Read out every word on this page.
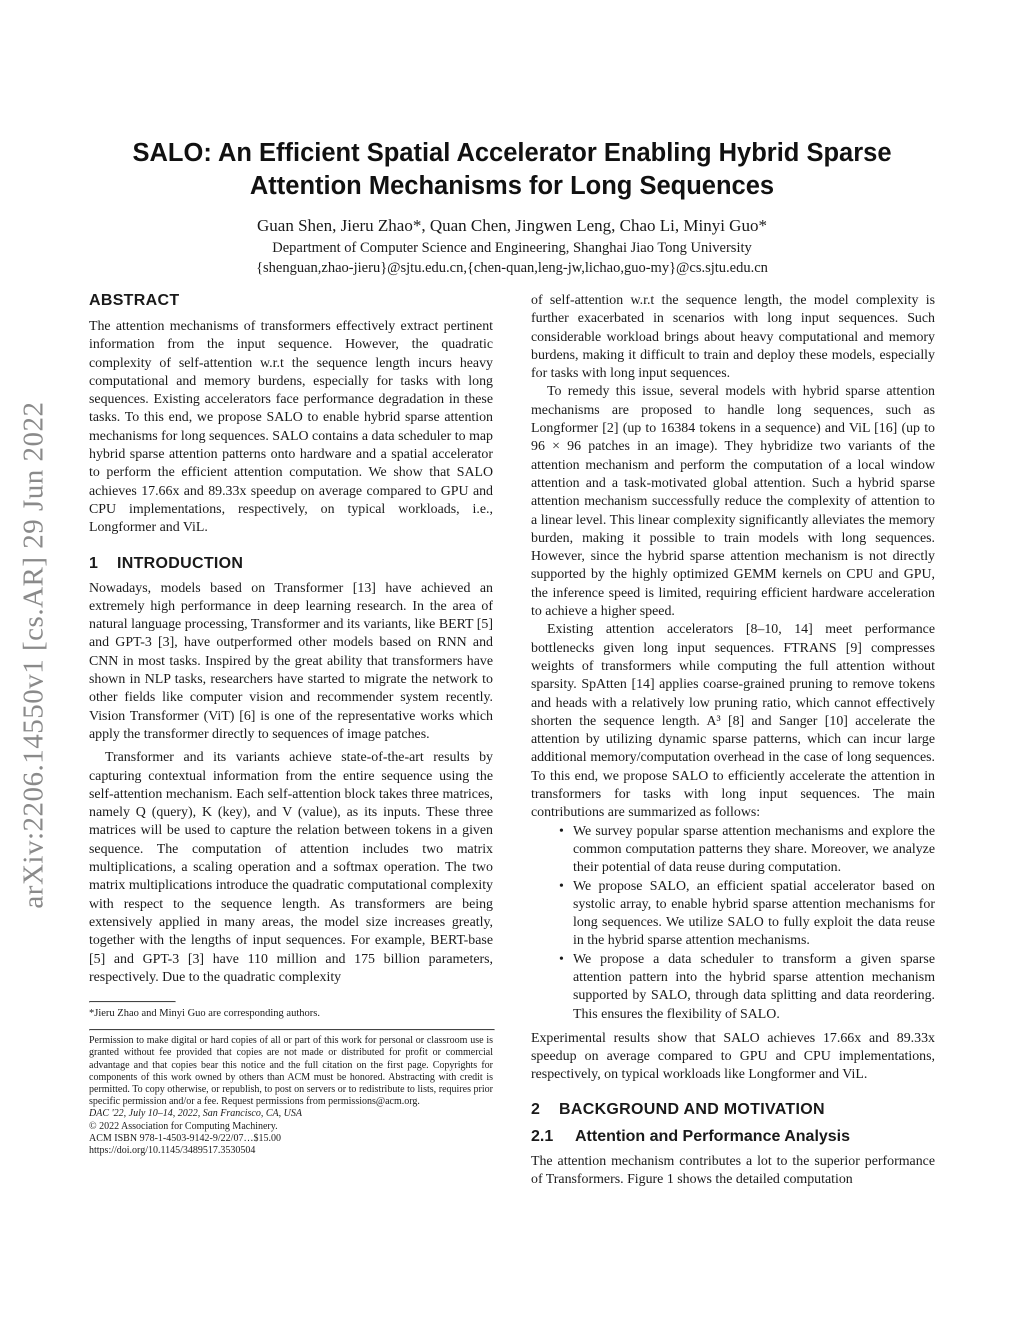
arXiv:2206.14550v1 [cs.AR] 29 Jun 2022
SALO: An Efficient Spatial Accelerator Enabling Hybrid Sparse Attention Mechanisms for Long Sequences
Guan Shen, Jieru Zhao*, Quan Chen, Jingwen Leng, Chao Li, Minyi Guo*
Department of Computer Science and Engineering, Shanghai Jiao Tong University
{shenguan,zhao-jieru}@sjtu.edu.cn,{chen-quan,leng-jw,lichao,guo-my}@cs.sjtu.edu.cn
ABSTRACT

The attention mechanisms of transformers effectively extract pertinent information from the input sequence. However, the quadratic complexity of self-attention w.r.t the sequence length incurs heavy computational and memory burdens, especially for tasks with long sequences. Existing accelerators face performance degradation in these tasks. To this end, we propose SALO to enable hybrid sparse attention mechanisms for long sequences. SALO contains a data scheduler to map hybrid sparse attention patterns onto hardware and a spatial accelerator to perform the efficient attention computation. We show that SALO achieves 17.66x and 89.33x speedup on average compared to GPU and CPU implementations, respectively, on typical workloads, i.e., Longformer and ViL.

1 INTRODUCTION

Nowadays, models based on Transformer [13] have achieved an extremely high performance in deep learning research. In the area of natural language processing, Transformer and its variants, like BERT [5] and GPT-3 [3], have outperformed other models based on RNN and CNN in most tasks. Inspired by the great ability that transformers have shown in NLP tasks, researchers have started to migrate the network to other fields like computer vision and recommender system recently. Vision Transformer (ViT) [6] is one of the representative works which apply the transformer directly to sequences of image patches.

Transformer and its variants achieve state-of-the-art results by capturing contextual information from the entire sequence using the self-attention mechanism. Each self-attention block takes three matrices, namely Q (query), K (key), and V (value), as its inputs. These three matrices will be used to capture the relation between tokens in a given sequence. The computation of attention includes two matrix multiplications, a scaling operation and a softmax operation. The two matrix multiplications introduce the quadratic computational complexity with respect to the sequence length. As transformers are being extensively applied in many areas, the model size increases greatly, together with the lengths of input sequences. For example, BERT-base [5] and GPT-3 [3] have 110 million and 175 billion parameters, respectively. Due to the quadratic complexity

*Jieru Zhao and Minyi Guo are corresponding authors.

Permission to make digital or hard copies of all or part of this work for personal or classroom use is granted without fee provided that copies are not made or distributed for profit or commercial advantage and that copies bear this notice and the full citation on the first page. Copyrights for components of this work owned by others than ACM must be honored. Abstracting with credit is permitted. To copy otherwise, or republish, to post on servers or to redistribute to lists, requires prior specific permission and/or a fee. Request permissions from permissions@acm.org.

DAC '22, July 10–14, 2022, San Francisco, CA, USA

© 2022 Association for Computing Machinery.

ACM ISBN 978-1-4503-9142-9/22/07…$15.00

https://doi.org/10.1145/3489517.3530504

of self-attention w.r.t the sequence length, the model complexity is further exacerbated in scenarios with long input sequences. Such considerable workload brings about heavy computational and memory burdens, making it difficult to train and deploy these models, especially for tasks with long input sequences.

To remedy this issue, several models with hybrid sparse attention mechanisms are proposed to handle long sequences, such as Longformer [2] (up to 16384 tokens in a sequence) and ViL [16] (up to 96 × 96 patches in an image). They hybridize two variants of the attention mechanism and perform the computation of a local window attention and a task-motivated global attention. Such a hybrid sparse attention mechanism successfully reduce the complexity of attention to a linear level. This linear complexity significantly alleviates the memory burden, making it possible to train models with long sequences. However, since the hybrid sparse attention mechanism is not directly supported by the highly optimized GEMM kernels on CPU and GPU, the inference speed is limited, requiring efficient hardware acceleration to achieve a higher speed.

Existing attention accelerators [8–10, 14] meet performance bottlenecks given long input sequences. FTRANS [9] compresses weights of transformers while computing the full attention without sparsity. SpAtten [14] applies coarse-grained pruning to remove tokens and heads with a relatively low pruning ratio, which cannot effectively shorten the sequence length. A³ [8] and Sanger [10] accelerate the attention by utilizing dynamic sparse patterns, which can incur large additional memory/computation overhead in the case of long sequences. To this end, we propose SALO to efficiently accelerate the attention in transformers for tasks with long input sequences. The main contributions are summarized as follows:

• We survey popular sparse attention mechanisms and explore the common computation patterns they share. Moreover, we analyze their potential of data reuse during computation.
• We propose SALO, an efficient spatial accelerator based on systolic array, to enable hybrid sparse attention mechanisms for long sequences. We utilize SALO to fully exploit the data reuse in the hybrid sparse attention mechanisms.
• We propose a data scheduler to transform a given sparse attention pattern into the hybrid sparse attention mechanism supported by SALO, through data splitting and data reordering. This ensures the flexibility of SALO.

Experimental results show that SALO achieves 17.66x and 89.33x speedup on average compared to GPU and CPU implementations, respectively, on typical workloads like Longformer and ViL.

2 BACKGROUND AND MOTIVATION
2.1 Attention and Performance Analysis

The attention mechanism contributes a lot to the superior performance of Transformers. Figure 1 shows the detailed computation
